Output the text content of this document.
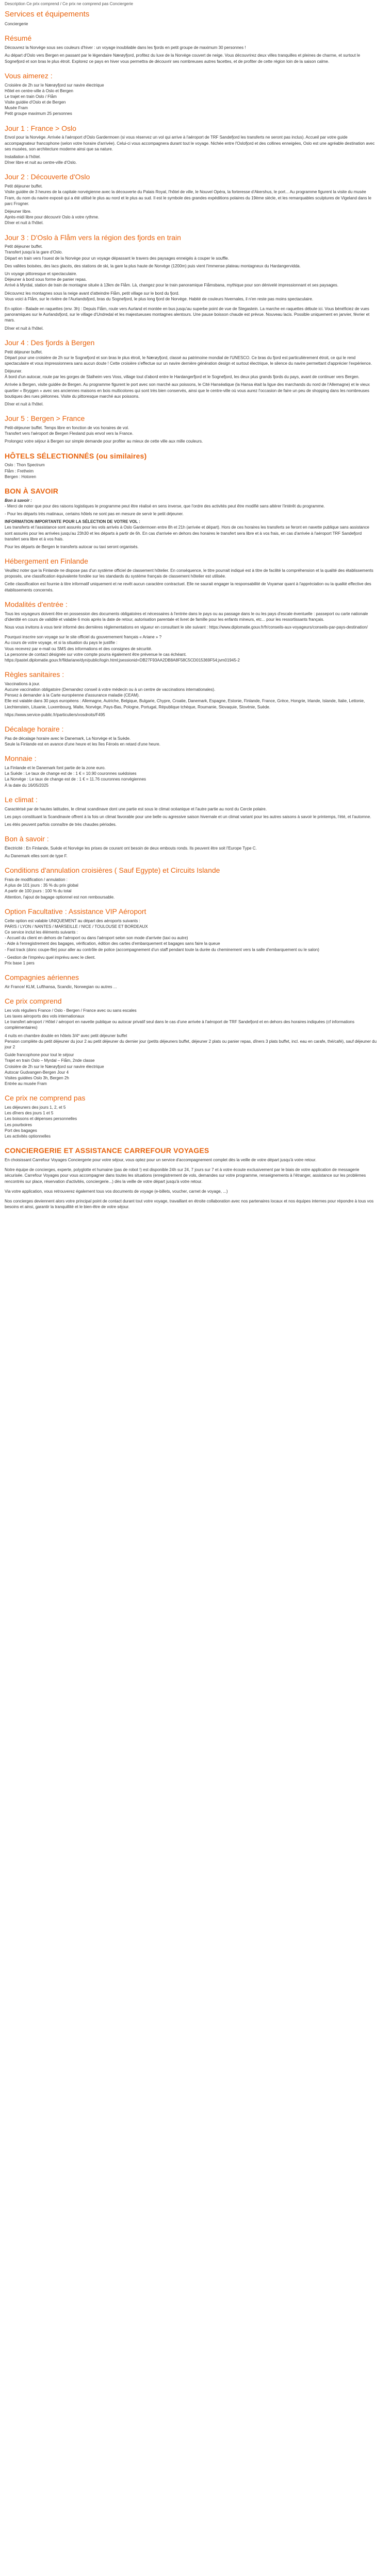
Description Ce prix comprend / Ce prix ne comprend pas Conciergerie

Services et équipements
Conciergerie
Résumé

Découvrez la Norvège sous ses couleurs d'hiver : un voyage inoubliable dans les fjords en petit groupe de maximum 30 personnes !

Au départ d'Oslo vers Bergen en passant par le légendaire Nærøyfjord, profitez du luxe de la Norvège couvert de neige. Vous découvrirez deux villes tranquilles et pleines de charme, et surtout le Sognefjord et son bras le plus étroit. Explorez ce pays en hiver vous permettra de découvrir ses nombreuses autres facettes, et de profiter de cette région loin de la saison calme.

Vous aimerez :
Croisière de 2h sur le Nærøyfjord sur navire électrique
Hôtel en centre-ville à Oslo et Bergen
Le trajet en train Oslo / Flåm
Visite guidée d'Oslo et de Bergen
Musée Fram
Petit groupe maximum 25 personnes
Jour 1 : France > Oslo

Envol pour la Norvège. Arrivée à l'aéroport d'Oslo Gardermoen (si vous réservez un vol qui arrive à l'aéroport de TRF Sandefjord les transferts ne seront pas inclus). Accueil par votre guide accompagnateur francophone (selon votre horaire d'arrivée). Celui-ci vous accompagnera durant tout le voyage. Nichée entre l'Oslofjord et des collines enneigées, Oslo est une agréable destination avec ses musées, son architecture moderne ainsi que sa nature.

Installation à l'hôtel.
Dîner libre et nuit au centre-ville d'Oslo.
Jour 2 : Découverte d'Oslo
Petit déjeuner buffet.

Visite guidée de 3 heures de la capitale norvégienne avec la découverte du Palais Royal, l'hôtel de ville, le Nouvel Opéra, la forteresse d'Akershus, le port... Au programme figurent la visite du musée Fram, du nom du navire exposé qui a été utilisé le plus au nord et le plus au sud. Il est le symbole des grandes expéditions polaires du 19ème siècle, et les remarquables sculptures de Vigeland dans le parc Frogner.

Déjeuner libre.
Après-midi libre pour découvrir Oslo à votre rythme.
Dîner et nuit à l'hôtel.
Jour 3 : D'Oslo à Flåm vers la région des fjords en train
Petit déjeuner buffet.
Transfert jusqu'à la gare d'Oslo.

Départ en train vers l'ouest de la Norvège pour un voyage dépassant le travers des paysages enneigés à couper le souffle.

Des vallées boisées, des lacs glacés, des stations de ski, la gare la plus haute de Norvège (1200m) puis vient l'immense plateau montagneux du Hardangervidda.

Un voyage pittoresque et spectaculaire.
Déjeuner à bord sous forme de panier repas.

Arrivé à Myrdal, station de train de montagne située à 13km de Flåm. Là, changez pour le train panoramique Flåmsbana, mythique pour son dénivelé impressionnant et ses paysages.

Découvrez les montagnes sous la neige avant d'atteindre Flåm, petit village sur le bord du fjord.

Vous voici à Flåm, sur le rivière de l'Aurlandsfjord, bras du Sognefjord, le plus long fjord de Norvège. Habité de couleurs hivernales, il n'en reste pas moins spectaculaire.

En option - Balade en raquettes (env. 3h) : Depuis Flåm, route vers Aurland et montée en bus jusqu'au superbe point de vue de Stegastein. La marche en raquettes débute ici. Vous bénéficiez de vues panoramiques sur le Aurlandsfjord, sur le village d'Undredal et les majestueuses montagnes alentours. Une pause boisson chaude est prévue. Nouveau lacis. Possible uniquement en janvier, février et mars.

Dîner et nuit à l'hôtel.
Jour 4 : Des fjords à Bergen
Petit déjeuner buffet.

Départ pour une croisière de 2h sur le Sognefjord et son bras le plus étroit, le Nærøyfjord, classé au patrimoine mondial de l'UNESCO. Ce bras du fjord est particulièrement étroit, ce qui le rend spectaculaire et vous impressionnera sans aucun doute ! Cette croisière s'effectue sur un navire dernière génération design et surtout électrique, le silence du navire permettant d'apprécier l'expérience.

Déjeuner.

À bord d'un autocar, route par les gorges de Stalheim vers Voss, village tout d'abord entre le Hardangerfjord et le Sognefjord, les deux plus grands fjords du pays, avant de continuer vers Bergen.

Arrivée à Bergen, visite guidée de Bergen. Au programme figurent le port avec son marché aux poissons, le Cité Hanséatique (la Hansa était la ligue des marchands du nord de l'Allemagne) et le vieux quartier « Bryggen » avec ses anciennes maisons en bois multicolores qui sont très bien conservés, ainsi que le centre-ville où vous aurez l'occasion de faire un peu de shopping dans les nombreuses boutiques des rues piétonnes. Visite du pittoresque marché aux poissons.

Dîner et nuit à l'hôtel.
Jour 5 : Bergen > France
Petit-déjeuner buffet. Temps libre en fonction de vos horaires de vol.
Transfert vers l'aéroport de Bergen Flesland puis envol vers la France.

Prolongez votre séjour à Bergen sur simple demande pour profiter au mieux de cette ville aux mille couleurs.

HÔTELS SÉLECTIONNÉS (ou similaires)
Oslo : Thon Spectrum
Flåm : Fretheim
Bergen : Hotoren
BON À SAVOIR
Bon à savoir :

- Merci de noter que pour des raisons logistiques le programme peut être réalisé en sens inverse, que l'ordre des activités peut être modifié sans altérer l'intérêt du programme.

- Pour les départs très matinaux, certains hôtels ne sont pas en mesure de servir le petit déjeuner.
INFORMATION IMPORTANTE POUR LA SÉLECTION DE VOTRE VOL :

Les transferts et l'assistance sont assurés pour les vols arrivés à Oslo Gardermoen entre 8h et 21h (arrivée et départ). Hors de ces horaires les transferts se feront en navette publique sans assistance sont assurés pour les arrivées jusqu'au 23h30 et les départs à partir de 6h. En cas d'arrivée en dehors des horaires le transfert sera libre et à vos frais, en cas d'arrivée à l'aéroport TRF Sandefjord transfert sera libre et à vos frais.

Pour les départs de Bergen le transferts autocar ou taxi seront organisés.
Hébergement en Finlande

Veuillez noter que la Finlande ne dispose pas d'un système officiel de classement hôtelier. En conséquence, le titre pourrait indiqué est à titre de facilité la compréhension et la qualité des établissements proposés, une classification équivalente fondée sur les standards du système français de classement hôtelier est utilisée.

Cette classification est fournie à titre informatif uniquement et ne revêt aucun caractère contractuel. Elle ne saurait engager la responsabilité de Voyamar quant à l'appréciation ou la qualité effective des établissements concernés.

Modalités d'entrée :

Tous les voyageurs doivent être en possession des documents obligatoires et nécessaires à l'entrée dans le pays ou au passage dans le ou les pays d'escale éventuelle : passeport ou carte nationale d'identité en cours de validité et valable 6 mois après la date de retour, autorisation parentale et livret de famille pour les enfants mineurs, etc... pour les ressortissants français.

Nous vous invitons à vous tenir informé des dernières réglementations en vigueur en consultant le site suivant : https://www.diplomatie.gouv.fr/fr/conseils-aux-voyageurs/conseils-par-pays-destination/

Pourquoi inscrire son voyage sur le site officiel du gouvernement français « Ariane » ?
Au cours de votre voyage, et si la situation du pays le justifie :
Vous recevrez par e-mail ou SMS des informations et des consignes de sécurité.
La personne de contact désignée sur votre compte pourra également être prévenue le cas échéant.
https://pastel.diplomatie.gouv.fr/fildariane/dyn/public/login.html;jsessionid=DB27F93AA2DB8A8F58C5CD015369F54;jvm01945-2
Règles sanitaires :
Vaccinations à jour.
Aucune vaccination obligatoire (Demandez conseil à votre médecin ou à un centre de vaccinations internationales).
Pensez à demander à la Carte européenne d'assurance maladie (CEAM).

Elle est valable dans 30 pays européens : Allemagne, Autriche, Belgique, Bulgarie, Chypre, Croatie, Danemark, Espagne, Estonie, Finlande, France, Grèce, Hongrie, Irlande, Islande, Italie, Lettonie, Liechtenstein, Lituanie, Luxembourg, Malte, Norvège, Pays-Bas, Pologne, Portugal, République tchèque, Roumanie, Slovaquie, Slovénie, Suède.

https://www.service-public.fr/particuliers/vosdroits/F495
Décalage horaire :
Pas de décalage horaire avec le Danemark, La Norvège et la Suède.
Seule la Finlande est en avance d'une heure et les îles Féroés en retard d'une heure.
Monnaie :
La Finlande et le Danemark font partie de la zone euro.
La Suède : Le taux de change est de : 1 € = 10.90 couronnes suédoises
La Norvège : Le taux de change est de : 1 € = 11.76 couronnes norvégiennes
À la date du 16/05/2025
Le climat :

Caractérisé par de hautes latitudes, le climat scandinave dont une partie est sous le climat océanique et l'autre partie au nord du Cercle polaire.

Les pays constituant la Scandinavie offrent à la fois un climat favorable pour une belle ou agressive saison hivernale et un climat variant pour les autres saisons à savoir le printemps, l'été, et l'automne.

Les étés peuvent parfois connaître de très chaudes périodes.
Bon à savoir :

Électricité : En Finlande, Suède et Norvège les prises de courant ont besoin de deux embouts ronds. Ils peuvent être soit l'Europe Type C.

Au Danemark elles sont de type F.
Conditions d'annulation croisières ( Sauf Egypte) et Circuits Islande
Frais de modification / annulation :
A plus de 101 jours : 35 % du prix global
A partir de 100 jours : 100 % du total
Attention, l'ajout de bagage optionnel est non remboursable.
Option Facultative : Assistance VIP Aéroport
Cette option est valable UNIQUEMENT au départ des aéroports suivants :
PARIS / LYON / NANTES / MARSEILLE / NICE / TOULOUSE ET BORDEAUX
Ce service inclut les éléments suivants :
- Accueil du client en dehors de l'aéroport ou dans l'aéroport selon son mode d'arrivée (taxi ou autre)
- Aide à l'enregistrement des bagages, vérification, édition des cartes d'embarquement et bagages sans faire la queue

- Fast track (donc coupe-file) pour aller au contrôle de police (accompagnement d'un staff pendant toute la durée du cheminement vers la salle d'embarquement ou le salon)

- Gestion de l'imprévu quel imprévu avec le client.
Prix base 1 pers
Compagnies aériennes
Air France/ KLM, Lufthansa, Scandic, Norwegian ou autres ...
Ce prix comprend
Les vols réguliers France / Oslo - Bergen / France avec ou sans escales
Les taxes aéroports des vols internationaux

Le transfert aéroport / Hôtel / aéroport en navette publique ou autocar privatif seul dans le cas d'une arrivée à l'aéroport de TRF Sandefjord et en dehors des horaires indiquées (cf informations complémentaires)

4 nuits en chambre double en hôtels 3/4* avec petit déjeuner buffet

Pension complète du petit déjeuner du jour 2 au petit déjeuner du dernier jour (petits déjeuners buffet, déjeuner 2 plats ou panier repas, dîners 3 plats buffet, incl. eau en carafe, thé/café), sauf déjeuner du jour 2

Guide francophone pour tout le séjour
Trajet en train Oslo – Myrdal – Flåm, 2nde classe
Croisière de 2h sur le Nærøyfjord sur navire électrique
Autocar Gudvangen-Bergen Jour 4
Visites guidées Oslo 3h, Bergen 2h
Entrée au musée Fram
Ce prix ne comprend pas
Les déjeuners des jours 1, 2, et 5
Les dîners des jours 1 et 5
Les boissons et dépenses personnelles
Les pourboires
Port des bagages
Les activités optionnelles
CONCIERGERIE ET ASSISTANCE CARREFOUR VOYAGES

En choisissant Carrefour Voyages Conciergerie pour votre séjour, vous optez pour un service d'accompagnement complet dès la veille de votre départ jusqu'à votre retour.

Notre équipe de concierges, experte, polyglotte et humaine (pas de robot !) est disponible 24h sur 24, 7 jours sur 7 et à votre écoute exclusivement par le biais de votre application de messagerie sécurisée. Carrefour Voyages pour vous accompagner dans toutes les situations (enregistrement de vols, demandes sur votre programme, renseignements à l'étranger, assistance sur les problèmes rencontrés sur place, réservation d'activités, conciergerie...) dès la veille de votre départ jusqu'à votre retour.

Via votre application, vous retrouverez également tous vos documents de voyage (e-billets, voucher, carnet de voyage, ...)

Nos concierges deviennent alors votre principal point de contact durant tout votre voyage, travaillant en étroite collaboration avec nos partenaires locaux et nos équipes internes pour répondre à tous vos besoins et ainsi, garantir la tranquillité et le bien-être de votre séjour.
